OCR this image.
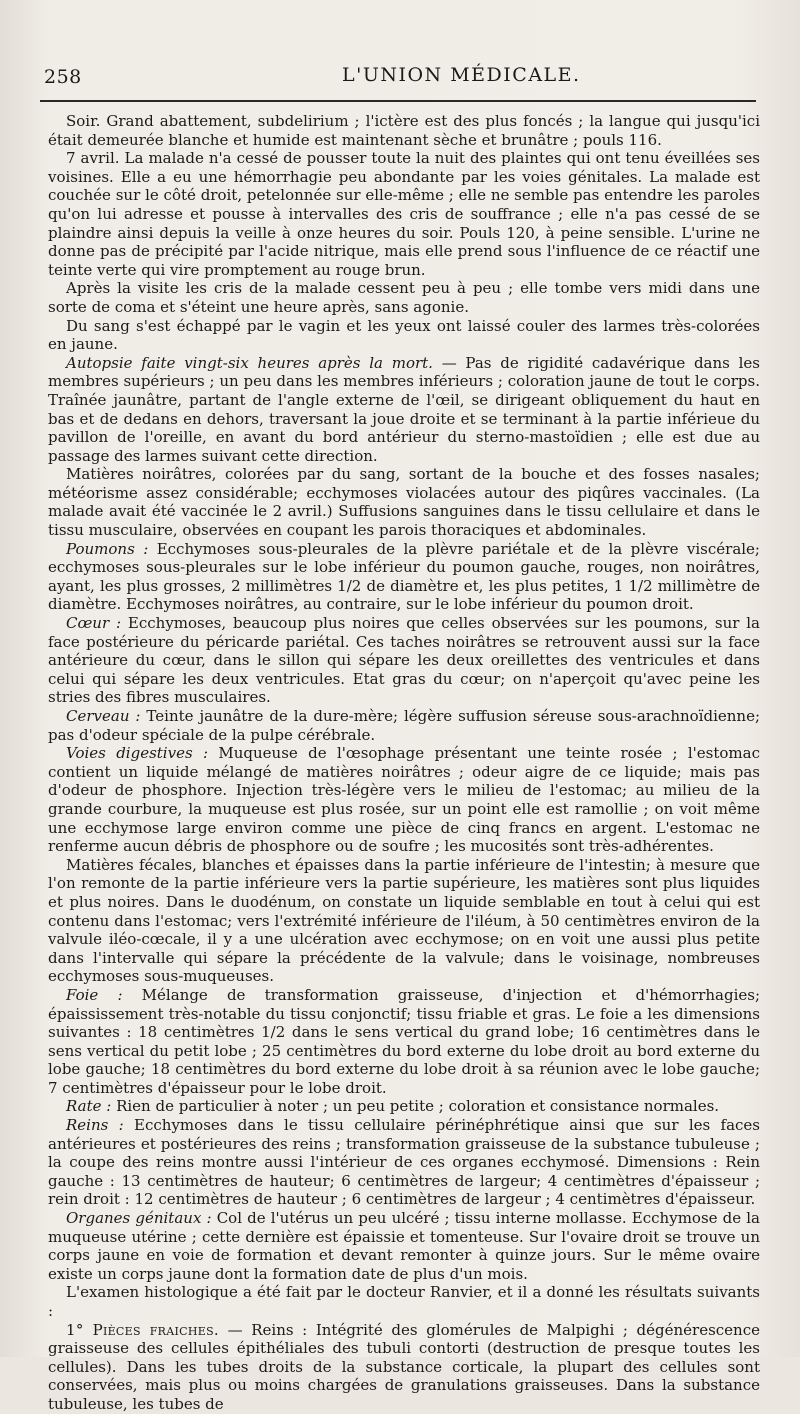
258	L'UNION MÉDICALE.

Soir. Grand abattement, subdelirium ; l'ictère est des plus foncés ; la langue qui jusqu'ici était demeurée blanche et humide est maintenant sèche et brunâtre ; pouls 116.

7 avril. La malade n'a cessé de pousser toute la nuit des plaintes qui ont tenu éveillées ses voisines. Elle a eu une hémorrhagie peu abondante par les voies génitales. La malade est couchée sur le côté droit, petelonnée sur elle-même ; elle ne semble pas entendre les paroles qu'on lui adresse et pousse à intervalles des cris de souffrance ; elle n'a pas cessé de se plaindre ainsi depuis la veille à onze heures du soir. Pouls 120, à peine sensible. L'urine ne donne pas de précipité par l'acide nitrique, mais elle prend sous l'influence de ce réactif une teinte verte qui vire promptement au rouge brun.

Après la visite les cris de la malade cessent peu à peu ; elle tombe vers midi dans une sorte de coma et s'éteint une heure après, sans agonie.

Du sang s'est échappé par le vagin et les yeux ont laissé couler des larmes très-colorées en jaune.

Autopsie faite vingt-six heures après la mort. — Pas de rigidité cadavérique dans les membres supérieurs ; un peu dans les membres inférieurs ; coloration jaune de tout le corps. Traînée jaunâtre, partant de l'angle externe de l'œil, se dirigeant obliquement du haut en bas et de dedans en dehors, traversant la joue droite et se terminant à la partie inférieue du pavillon de l'oreille, en avant du bord antérieur du sterno-mastoïdien ; elle est due au passage des larmes suivant cette direction.

Matières noirâtres, colorées par du sang, sortant de la bouche et des fosses nasales; météorisme assez considérable; ecchymoses violacées autour des piqûres vaccinales. (La malade avait été vaccinée le 2 avril.) Suffusions sanguines dans le tissu cellulaire et dans le tissu musculaire, observées en coupant les parois thoraciques et abdominales.

Poumons : Ecchymoses sous-pleurales de la plèvre pariétale et de la plèvre viscérale; ecchymoses sous-pleurales sur le lobe inférieur du poumon gauche, rouges, non noirâtres, ayant, les plus grosses, 2 millimètres 1/2 de diamètre et, les plus petites, 1 1/2 millimètre de diamètre. Ecchymoses noirâtres, au contraire, sur le lobe inférieur du poumon droit.

Cœur : Ecchymoses, beaucoup plus noires que celles observées sur les poumons, sur la face postérieure du péricarde pariétal. Ces taches noirâtres se retrouvent aussi sur la face antérieure du cœur, dans le sillon qui sépare les deux oreillettes des ventricules et dans celui qui sépare les deux ventricules. Etat gras du cœur; on n'aperçoit qu'avec peine les stries des fibres musculaires.

Cerveau : Teinte jaunâtre de la dure-mère; légère suffusion séreuse sous-arachnoïdienne; pas d'odeur spéciale de la pulpe cérébrale.

Voies digestives : Muqueuse de l'œsophage présentant une teinte rosée ; l'estomac contient un liquide mélangé de matières noirâtres ; odeur aigre de ce liquide; mais pas d'odeur de phosphore. Injection très-légère vers le milieu de l'estomac; au milieu de la grande courbure, la muqueuse est plus rosée, sur un point elle est ramollie ; on voit même une ecchymose large environ comme une pièce de cinq francs en argent. L'estomac ne renferme aucun débris de phosphore ou de soufre ; les mucosités sont très-adhérentes.

Matières fécales, blanches et épaisses dans la partie inférieure de l'intestin; à mesure que l'on remonte de la partie inférieure vers la partie supérieure, les matières sont plus liquides et plus noires. Dans le duodénum, on constate un liquide semblable en tout à celui qui est contenu dans l'estomac; vers l'extrémité inférieure de l'iléum, à 50 centimètres environ de la valvule iléo-cœcale, il y a une ulcération avec ecchymose; on en voit une aussi plus petite dans l'intervalle qui sépare la précédente de la valvule; dans le voisinage, nombreuses ecchymoses sous-muqueuses.

Foie : Mélange de transformation graisseuse, d'injection et d'hémorrhagies; épaississement très-notable du tissu conjonctif; tissu friable et gras. Le foie a les dimensions suivantes : 18 centimètres 1/2 dans le sens vertical du grand lobe; 16 centimètres dans le sens vertical du petit lobe ; 25 centimètres du bord externe du lobe droit au bord externe du lobe gauche; 18 centimètres du bord externe du lobe droit à sa réunion avec le lobe gauche; 7 centimètres d'épaisseur pour le lobe droit.

Rate : Rien de particulier à noter ; un peu petite ; coloration et consistance normales.

Reins : Ecchymoses dans le tissu cellulaire périnéphrétique ainsi que sur les faces antérieures et postérieures des reins ; transformation graisseuse de la substance tubuleuse ; la coupe des reins montre aussi l'intérieur de ces organes ecchymosé. Dimensions : Rein gauche : 13 centimètres de hauteur; 6 centimètres de largeur; 4 centimètres d'épaisseur ; rein droit : 12 centimètres de hauteur ; 6 centimètres de largeur ; 4 centimètres d'épaisseur.

Organes génitaux : Col de l'utérus un peu ulcéré ; tissu interne mollasse. Ecchymose de la muqueuse utérine ; cette dernière est épaissie et tomenteuse. Sur l'ovaire droit se trouve un corps jaune en voie de formation et devant remonter à quinze jours. Sur le même ovaire existe un corps jaune dont la formation date de plus d'un mois.

L'examen histologique a été fait par le docteur Ranvier, et il a donné les résultats suivants :

1° Pièces fraiches. — Reins : Intégrité des glomérules de Malpighi ; dégénérescence graisseuse des cellules épithéliales des tubuli contorti (destruction de presque toutes les cellules). Dans les tubes droits de la substance corticale, la plupart des cellules sont conservées, mais plus ou moins chargées de granulations graisseuses. Dans la substance tubuleuse, les tubes de
